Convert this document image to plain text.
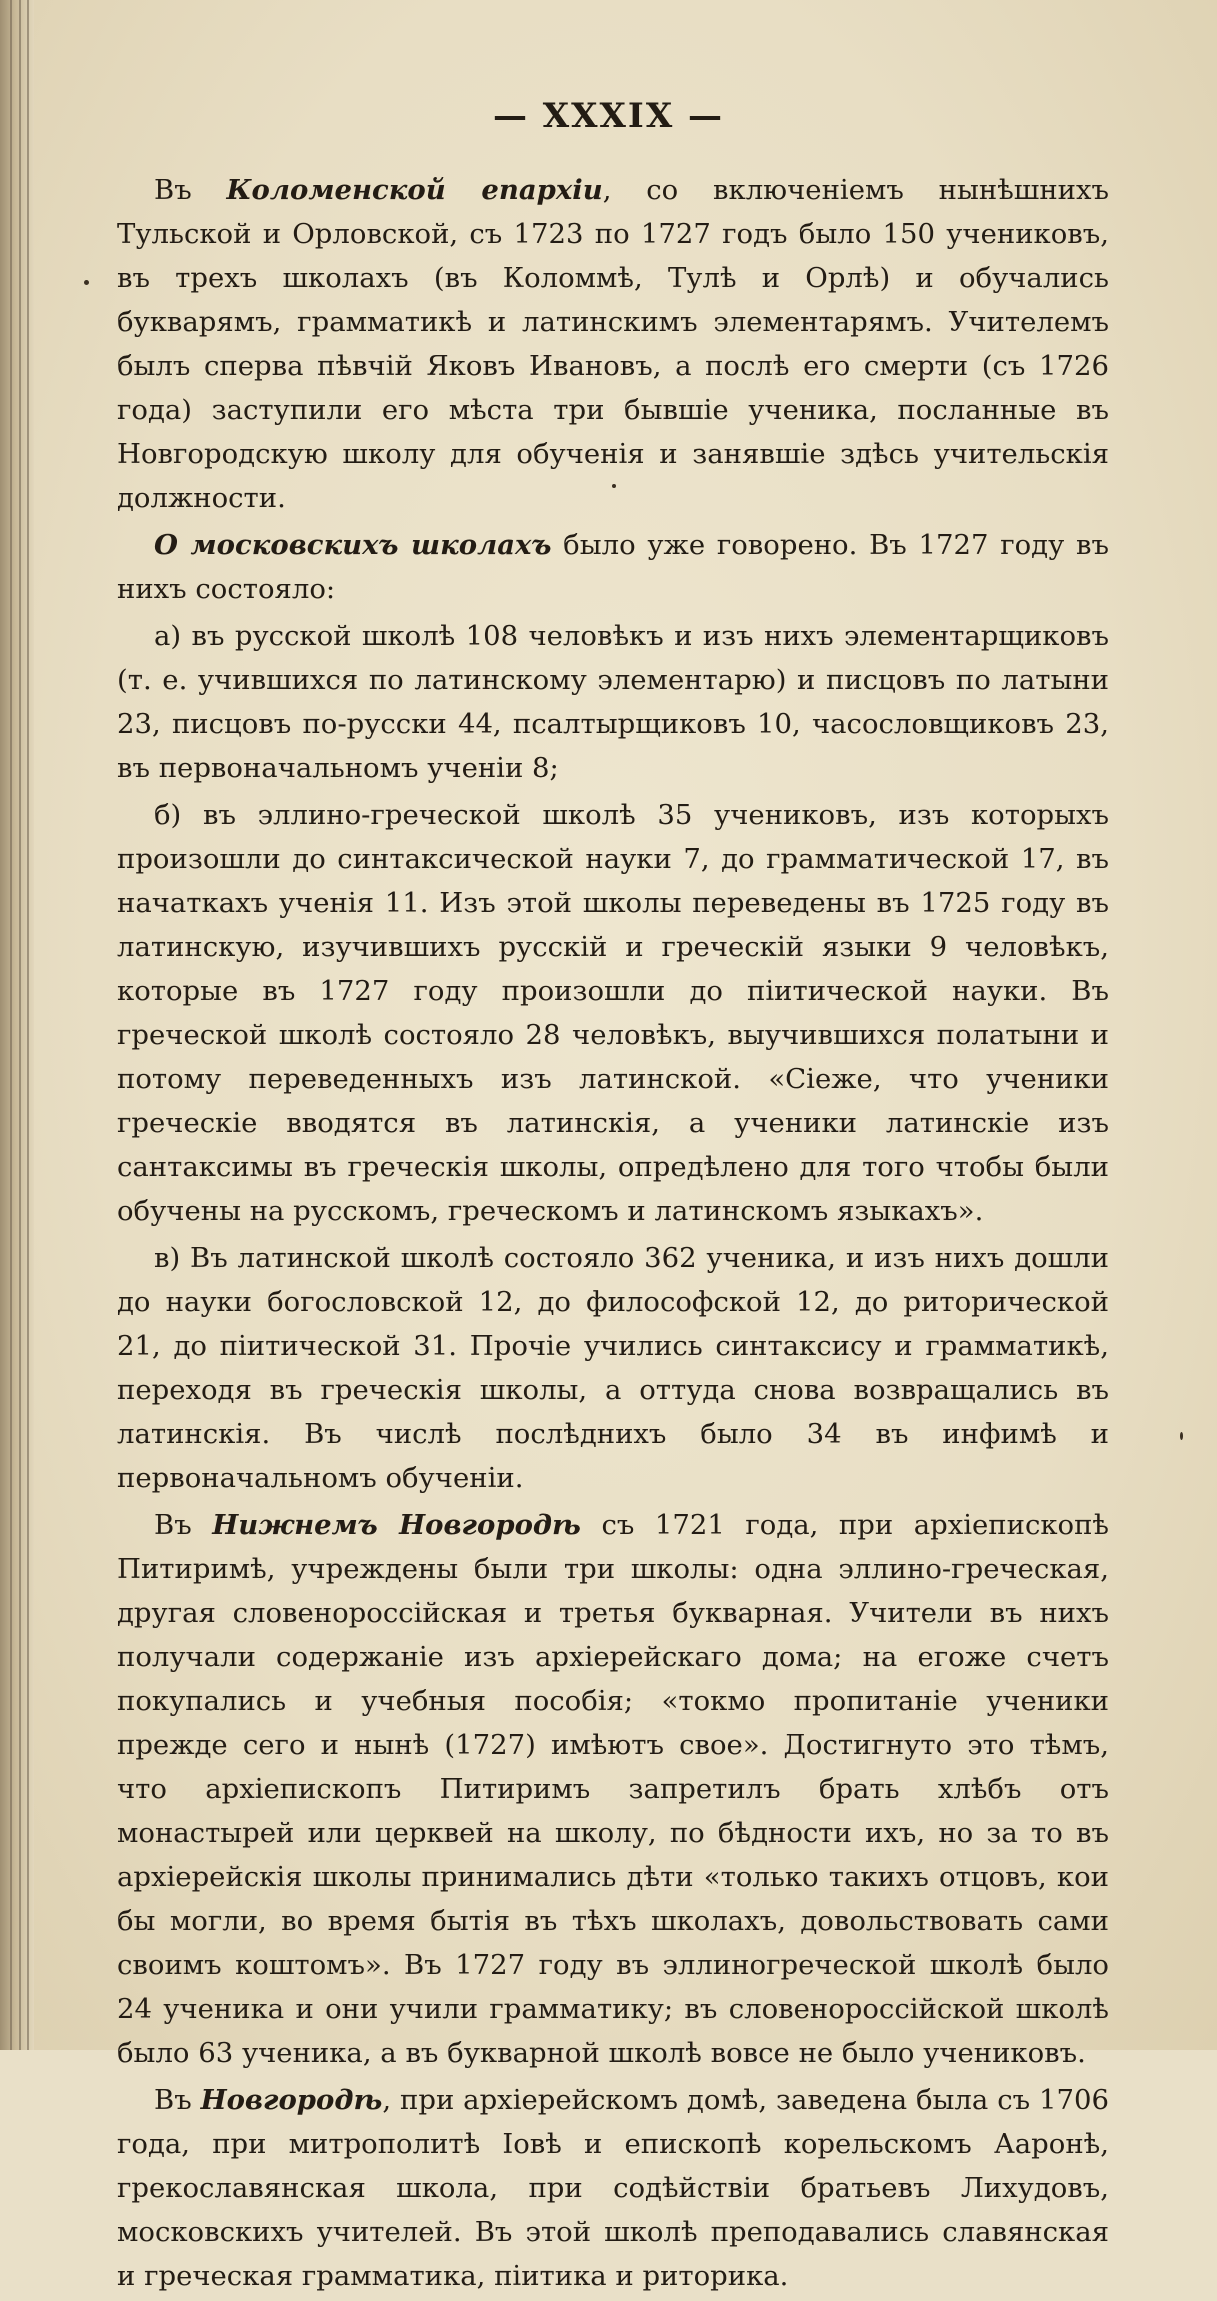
— XXXIX —

Въ Коломенской епархіи, со включеніемъ нынѣшнихъ Тульской и Орловской, съ 1723 по 1727 годъ было 150 учениковъ, въ трехъ школахъ (въ Коломмѣ, Тулѣ и Орлѣ) и обучались букварямъ, грамматикѣ и латинскимъ элементарямъ. Учителемъ былъ сперва пѣвчій Яковъ Ивановъ, а послѣ его смерти (съ 1726 года) заступили его мѣста три бывшіе ученика, посланные въ Новгородскую школу для обученія и занявшіе здѣсь учительскія должности.

О московскихъ школахъ было уже говорено. Въ 1727 году въ нихъ состояло:

а) въ русской школѣ 108 человѣкъ и изъ нихъ элементарщиковъ (т. е. учившихся по латинскому элементарю) и писцовъ по латыни 23, писцовъ по-русски 44, псалтырщиковъ 10, часословщиковъ 23, въ первоначальномъ ученіи 8;

б) въ эллино-греческой школѣ 35 учениковъ, изъ которыхъ произошли до синтаксической науки 7, до грамматической 17, въ начаткахъ ученія 11. Изъ этой школы переведены въ 1725 году въ латинскую, изучившихъ русскій и греческій языки 9 человѣкъ, которые въ 1727 году произошли до піитической науки. Въ греческой школѣ состояло 28 человѣкъ, выучившихся полатыни и потому переведенныхъ изъ латинской. «Сіеже, что ученики греческіе вводятся въ латинскія, а ученики латинскіе изъ сантаксимы въ греческія школы, опредѣлено для того чтобы были обучены на русскомъ, греческомъ и латинскомъ языкахъ».

в) Въ латинской школѣ состояло 362 ученика, и изъ нихъ дошли до науки богословской 12, до философской 12, до риторической 21, до піитической 31. Прочіе учились синтаксису и грамматикѣ, переходя въ греческія школы, а оттуда снова возвращались въ латинскія. Въ числѣ послѣднихъ было 34 въ инфимѣ и первоначальномъ обученіи.

Въ Нижнемъ Новгородѣ съ 1721 года, при архіепископѣ Питиримѣ, учреждены были три школы: одна эллино-греческая, другая словенороссійская и третья букварная. Учители въ нихъ получали содержаніе изъ архіерейскаго дома; на егоже счетъ покупались и учебныя пособія; «токмо пропитаніе ученики прежде сего и нынѣ (1727) имѣютъ свое». Достигнуто это тѣмъ, что архіепископъ Питиримъ запретилъ брать хлѣбъ отъ монастырей или церквей на школу, по бѣдности ихъ, но за то въ архіерейскія школы принимались дѣти «только такихъ отцовъ, кои бы могли, во время бытія въ тѣхъ школахъ, довольствовать сами своимъ коштомъ». Въ 1727 году въ эллиногреческой школѣ было 24 ученика и они учили грамматику; въ словенороссійской школѣ было 63 ученика, а въ букварной школѣ вовсе не было учениковъ.

Въ Новгородѣ, при архіерейскомъ домѣ, заведена была съ 1706 года, при митрополитѣ Іовѣ и епископѣ корельскомъ Ааронѣ, грекославянская школа, при содѣйствіи братьевъ Лихудовъ, московскихъ учителей. Въ этой школѣ преподавались славянская и греческая грамматика, піитика и риторика.
